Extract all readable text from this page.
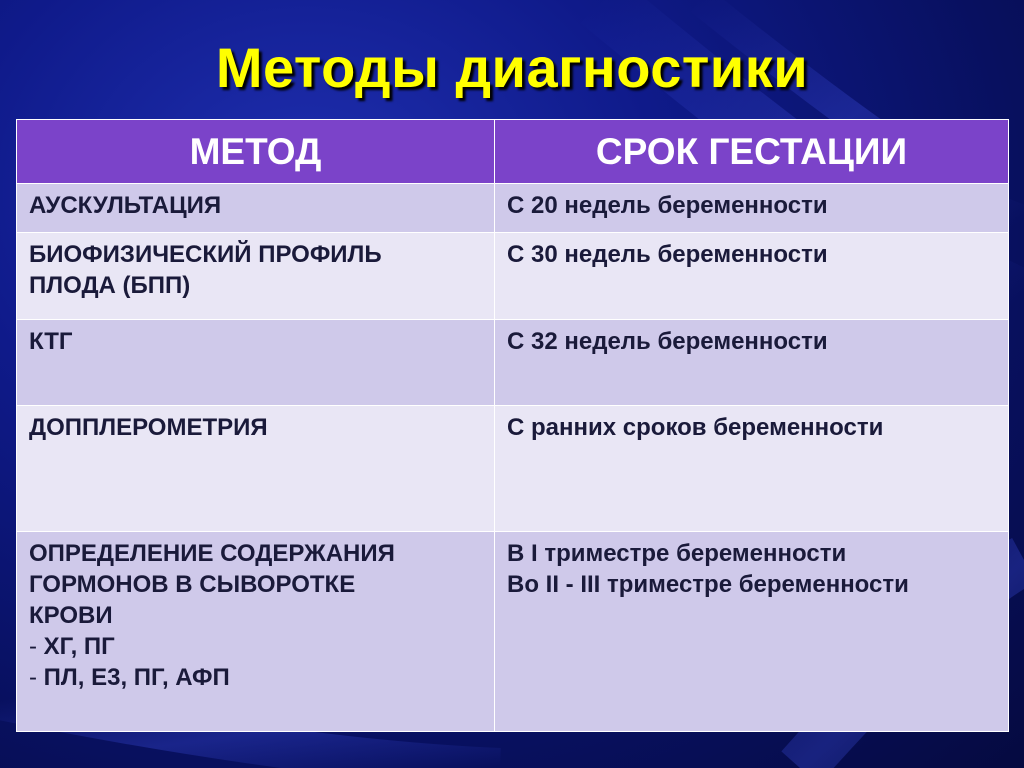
Методы диагностики
МЕТОД	СРОК ГЕСТАЦИИ

АУСКУЛЬТАЦИЯ	С 20 недель беременности

БИОФИЗИЧЕСКИЙ ПРОФИЛЬ
ПЛОДА (БПП)	С 30 недель беременности

КТГ	С 32 недель беременности

ДОППЛЕРОМЕТРИЯ	С ранних сроков беременности

ОПРЕДЕЛЕНИЕ СОДЕРЖАНИЯ
ГОРМОНОВ В СЫВОРОТКЕ
КРОВИ
- ХГ, ПГ
- ПЛ, Е3, ПГ, АФП	В I триместре беременности
Во II - III триместре беременности
